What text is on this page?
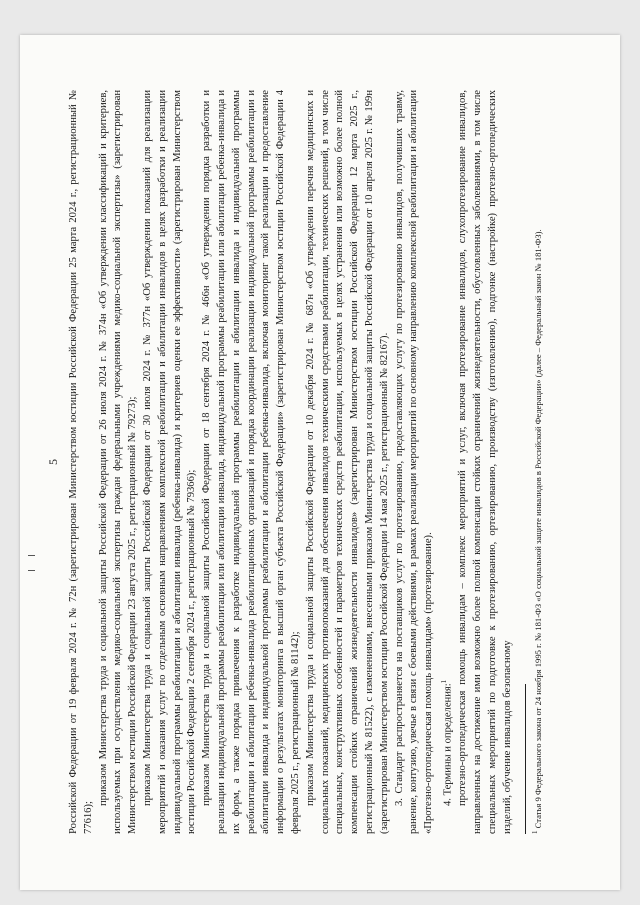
5 Российской Федерации от 19 февраля 2024 г. № 72н (зарегистрирован Министерством юстиции Российской Федерации 25 марта 2024 г., регистрационный № 77616);

приказом Министерства труда и социальной защиты Российской Федерации от 26 июля 2024 г. № 374н «Об утверждении классификаций и критериев, используемых при осуществлении медико-социальной экспертизы граждан федеральными учреждениями медико-социальной экспертизы» (зарегистрирован Министерством юстиции Российской Федерации 23 августа 2025 г., регистрационный № 79273); приказом Министерства труда и социальной защиты Российской Федерации от 30 июля 2024 г. № 377н «Об утверждении показаний для реализации мероприятий и оказания услуг по отдельным основным направлениям комплексной реабилитации и абилитации инвалидов в целях разработки и реализации индивидуальной программы реабилитации и абилитации инвалида (ребенка-инвалида) и критериев оценки ее эффективности» (зарегистрирован Министерством юстиции Российской Федерации 2 сентября 2024 г., регистрационный № 79366); приказом Министерства труда и социальной защиты Российской Федерации от 18 сентября 2024 г. № 466н «Об утверждении порядка разработки и реализации индивидуальной программы реабилитации или абилитации инвалида, индивидуальной программы реабилитации или абилитации ребенка-инвалида и их форм, а также порядка привлечения к разработке индивидуальной программы реабилитации и абилитации инвалида и индивидуальной программы реабилитации и абилитации ребенка-инвалида реабилитационных организаций и порядка координации реализации индивидуальной программы реабилитации и абилитации инвалида и индивидуальной программы реабилитации и абилитации ребенка-инвалида, включая мониторинг такой реализации и предоставление информации о результатах мониторинга в высший орган субъекта Российской Федерации» (зарегистрирован Министерством юстиции Российской Федерации 4 февраля 2025 г., регистрационный № 81142); приказом Министерства труда и социальной защиты Российской Федерации от 10 декабря 2024 г. № 687н «Об утверждении перечня медицинских и социальных показаний, медицинских противопоказаний для обеспечения инвалидов техническими средствами реабилитации, технических решений, в том числе специальных, конструктивных особенностей и параметров технических средств реабилитации, используемых в целях устранения или возможно более полной компенсации стойких ограничений жизнедеятельности инвалидов» (зарегистрирован Министерством юстиции Российской Федерации 12 марта 2025 г., регистрационный № 81522), с изменениями, внесенными приказом Министерства труда и социальной защиты Российской Федерации от 10 апреля 2025 г. № 199н (зарегистрирован Министерством юстиции Российской Федерации 14 мая 2025 г., регистрационный № 82167). 3. Стандарт распространяется на поставщиков услуг по протезированию, предоставляющих услугу по протезированию инвалидов, получивших травму, ранение, контузию, увечье в связи с боевыми действиями, в рамках реализации мероприятий по основному направлению комплексной реабилитации и абилитации «Протезно-ортопедическая помощь инвалидам» (протезирование). 4. Термины и определения:$^1$ протезно-ортопедическая помощь инвалидам – комплекс мероприятий и услуг, включая протезирование инвалидов, слухопротезирование инвалидов, направленных на достижение ими возможно более полной компенсации стойких ограничений жизнедеятельности, обусловленных заболеваниями, в том числе специальных мероприятий по подготовке к протезированию, ортезированию, производству (изготовлению), подгонке (настройке) протезно-ортопедических изделий, обучение инвалидов безопасному	$^1$ Статья 9 Федерального закона от 24 ноября 1995 г. № 181-ФЗ «О социальной защите инвалидов в Российской Федерации» (далее – Федеральный закон № 181-ФЗ).
